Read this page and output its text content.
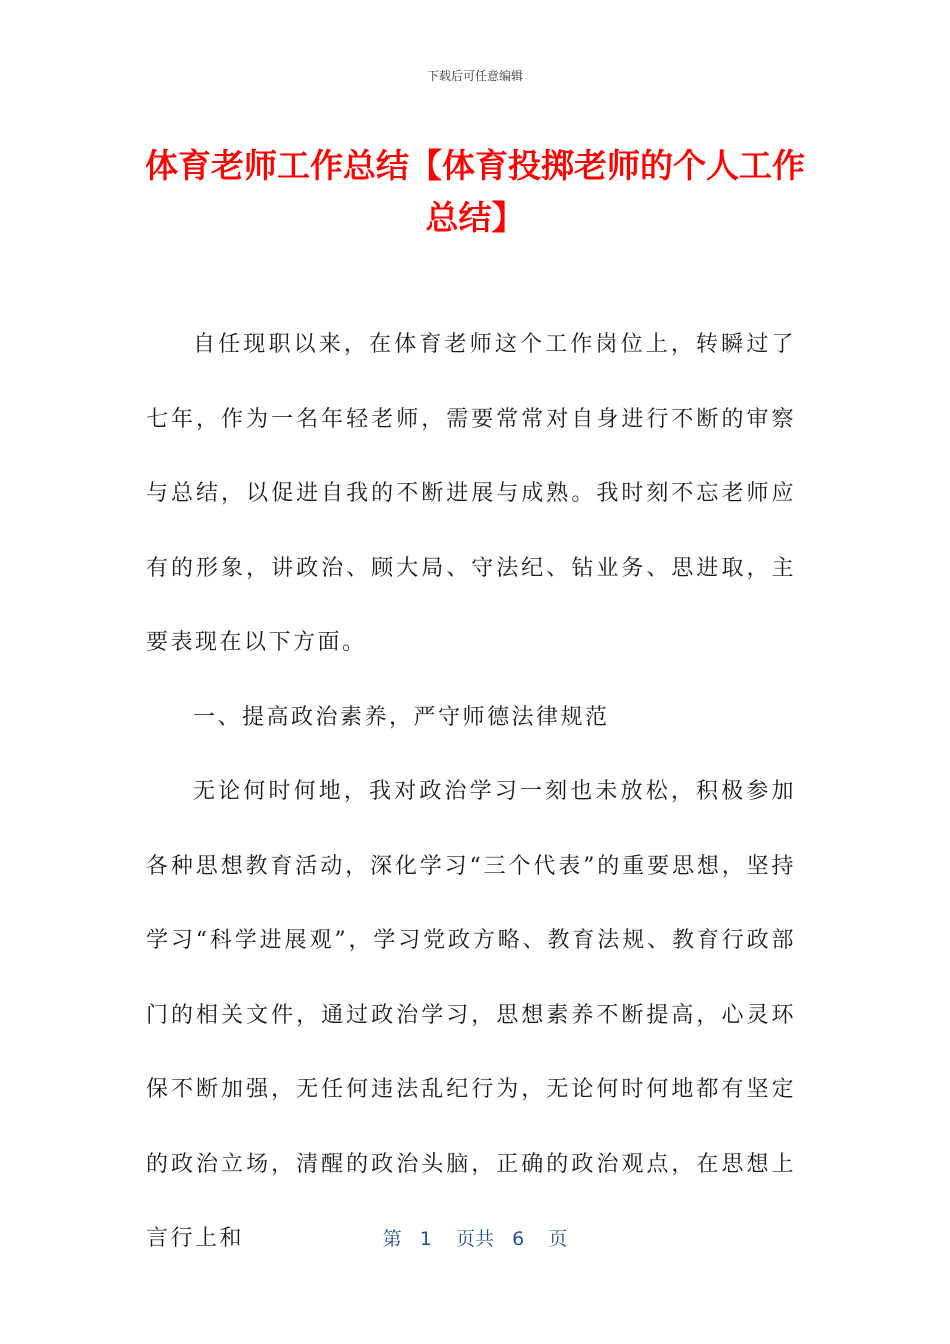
下载后可任意编辑
体育老师工作总结【体育投掷老师的个人工作总结】

自任现职以来，在体育老师这个工作岗位上，转瞬过了七年，作为一名年轻老师，需要常常对自身进行不断的审察与总结，以促进自我的不断进展与成熟。我时刻不忘老师应有的形象，讲政治、顾大局、守法纪、钻业务、思进取，主要表现在以下方面。

一、提高政治素养，严守师德法律规范

无论何时何地，我对政治学习一刻也未放松，积极参加各种思想教育活动，深化学习“三个代表”的重要思想，坚持学习“科学进展观”，学习党政方略、教育法规、教育行政部门的相关文件，通过政治学习，思想素养不断提高，心灵环保不断加强，无任何违法乱纪行为，无论何时何地都有坚定的政治立场，清醒的政治头脑，正确的政治观点，在思想上言行上和	第 1 页共 6 页
